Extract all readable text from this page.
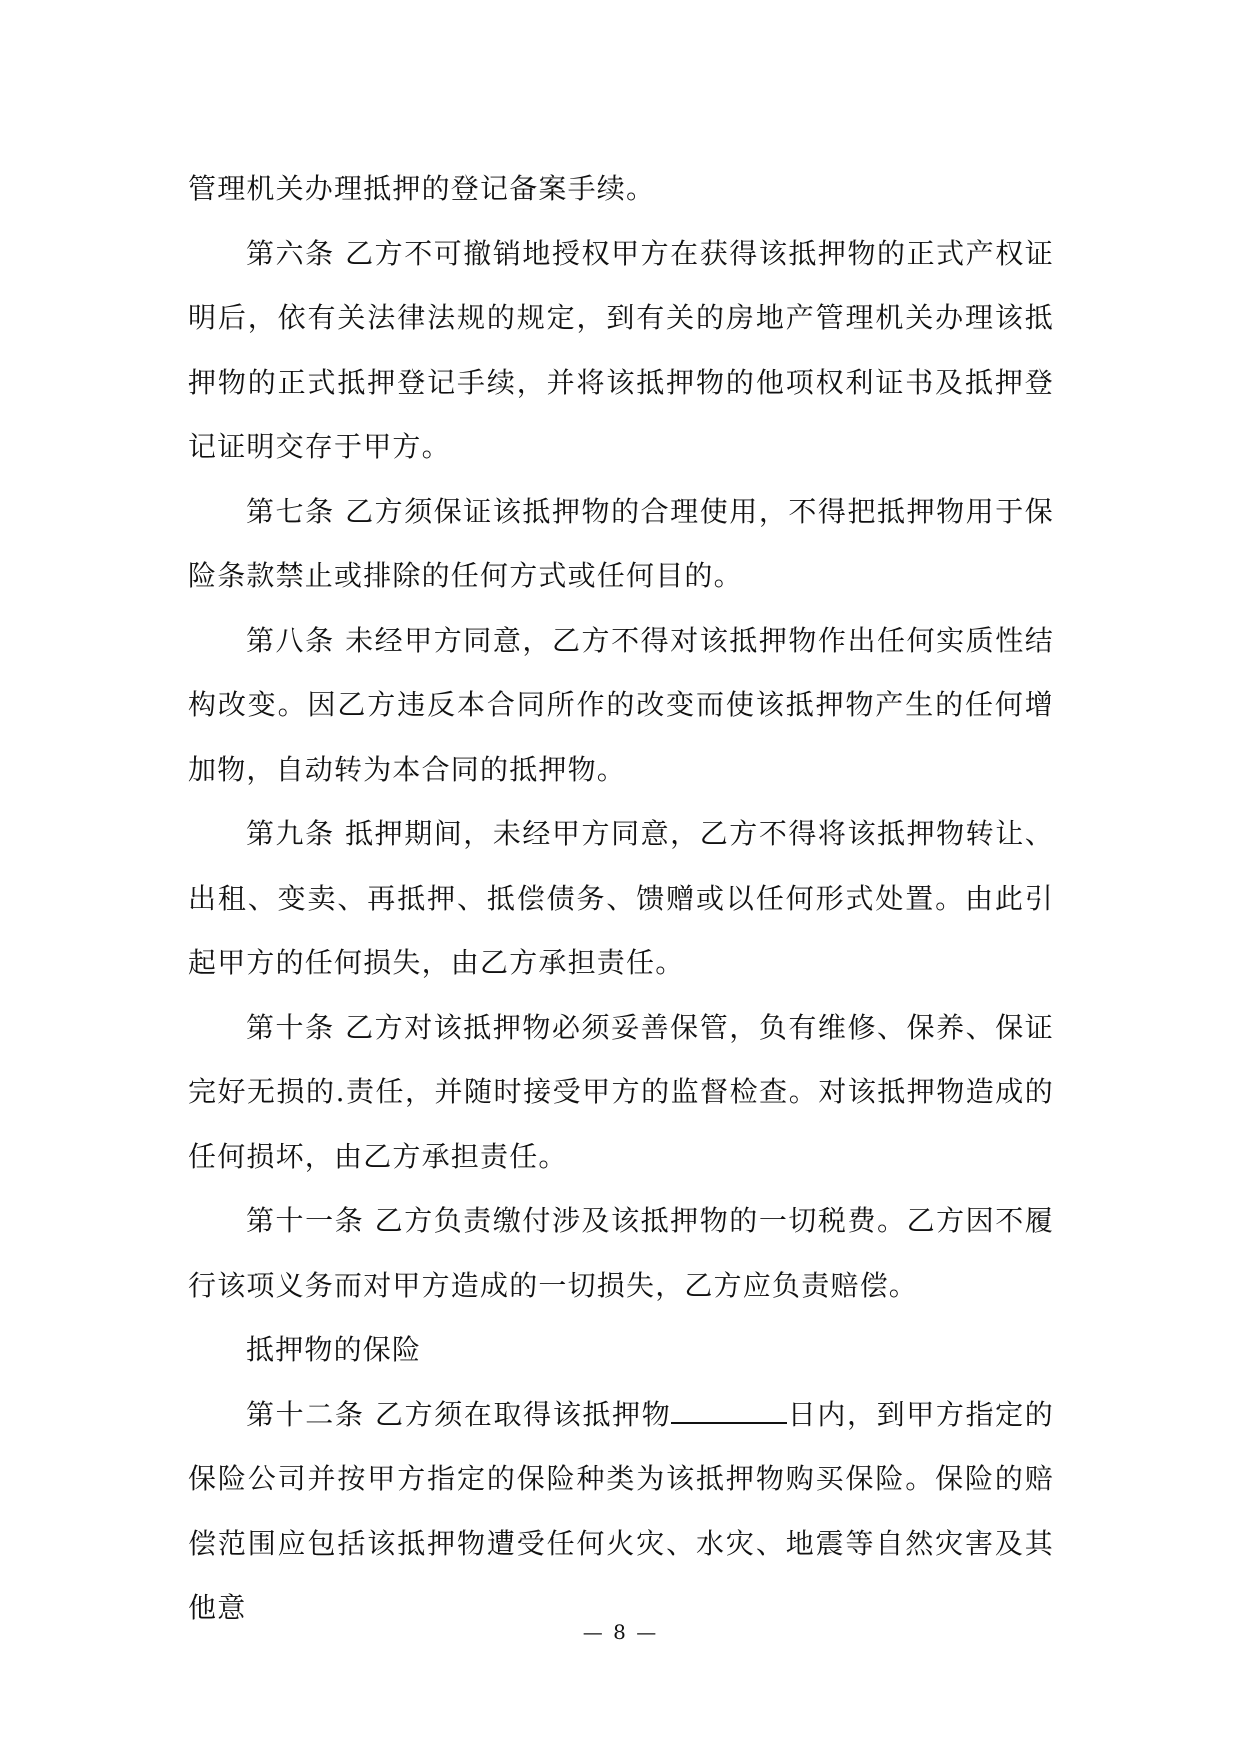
管理机关办理抵押的登记备案手续。

第六条 乙方不可撤销地授权甲方在获得该抵押物的正式产权证明后，依有关法律法规的规定，到有关的房地产管理机关办理该抵押物的正式抵押登记手续，并将该抵押物的他项权利证书及抵押登记证明交存于甲方。

第七条 乙方须保证该抵押物的合理使用，不得把抵押物用于保险条款禁止或排除的任何方式或任何目的。

第八条 未经甲方同意，乙方不得对该抵押物作出任何实质性结构改变。因乙方违反本合同所作的改变而使该抵押物产生的任何增加物，自动转为本合同的抵押物。

第九条 抵押期间，未经甲方同意，乙方不得将该抵押物转让、出租、变卖、再抵押、抵偿债务、馈赠或以任何形式处置。由此引起甲方的任何损失，由乙方承担责任。

第十条 乙方对该抵押物必须妥善保管，负有维修、保养、保证完好无损的.责任，并随时接受甲方的监督检查。对该抵押物造成的任何损坏，由乙方承担责任。

第十一条 乙方负责缴付涉及该抵押物的一切税费。乙方因不履行该项义务而对甲方造成的一切损失，乙方应负责赔偿。

抵押物的保险

第十二条 乙方须在取得该抵押物	日内，到甲方指定的保险公司并按甲方指定的保险种类为该抵押物购买保险。保险的赔偿范围应包括该抵押物遭受任何火灾、水灾、地震等自然灾害及其他意

— 8 —
